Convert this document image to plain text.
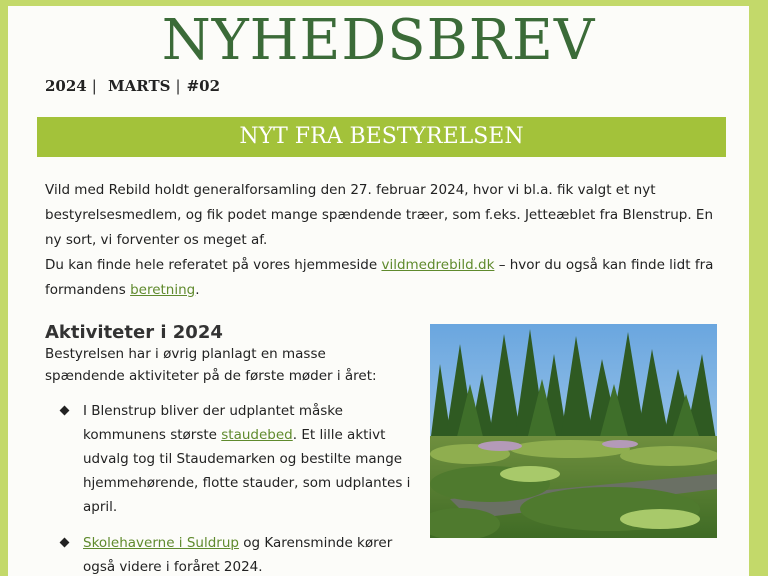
NYHEDSBREV
2024 | MARTS | #02
NYT FRA BESTYRELSEN

Vild med Rebild holdt generalforsamling den 27. februar 2024, hvor vi bl.a. fik valgt et nyt bestyrelsesmedlem, og fik podet mange spændende træer, som f.eks. Jetteæblet fra Blenstrup. En ny sort, vi forventer os meget af.

Du kan finde hele referatet på vores hjemmeside vildmedrebild.dk – hvor du også kan finde lidt fra formandens beretning.

Aktiviteter i 2024

Bestyrelsen har i øvrig planlagt en masse spændende aktiviteter på de første møder i året:

I Blenstrup bliver der udplantet måske kommunens største staudebed. Et lille aktivt udvalg tog til Staudemarken og bestilte mange hjemmehørende, flotte stauder, som udplantes i april.
Skolehaverne i Suldrup og Karensminde kører også videre i foråret 2024.
